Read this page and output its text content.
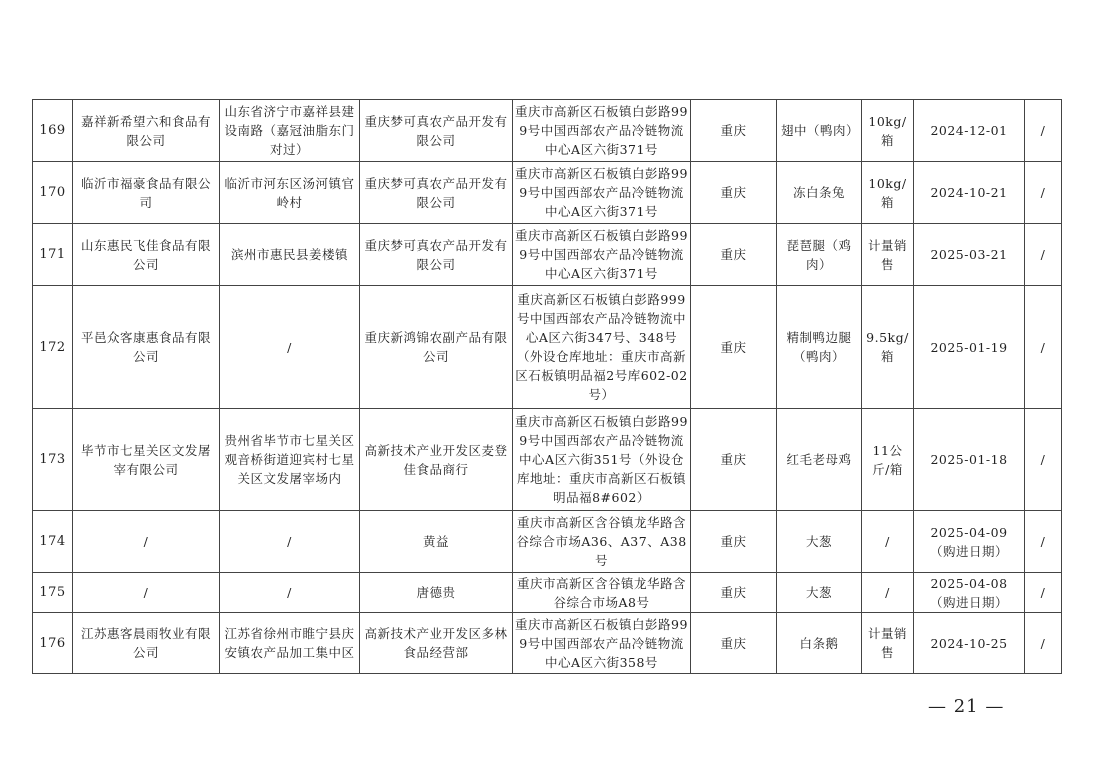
169	嘉祥新希望六和食品有限公司	山东省济宁市嘉祥县建设南路（嘉冠油脂东门对过）	重庆梦可真农产品开发有限公司	重庆市高新区石板镇白彭路999号中国西部农产品冷链物流中心A区六街371号	重庆	翅中（鸭肉）	10kg/箱	2024-12-01	/
170	临沂市福豪食品有限公司	临沂市河东区汤河镇官岭村	重庆梦可真农产品开发有限公司	重庆市高新区石板镇白彭路999号中国西部农产品冷链物流中心A区六街371号	重庆	冻白条兔	10kg/箱	2024-10-21	/
171	山东惠民飞佳食品有限公司	滨州市惠民县姜楼镇	重庆梦可真农产品开发有限公司	重庆市高新区石板镇白彭路999号中国西部农产品冷链物流中心A区六街371号	重庆	琵琶腿（鸡肉）	计量销售	2025-03-21	/
172	平邑众客康惠食品有限公司	/	重庆新鸿锦农副产品有限公司	重庆高新区石板镇白彭路999号中国西部农产品冷链物流中心A区六街347号、348号（外设仓库地址：重庆市高新区石板镇明品福2号库602-02号）	重庆	精制鸭边腿（鸭肉）	9.5kg/箱	2025-01-19	/
173	毕节市七星关区文发屠宰有限公司	贵州省毕节市七星关区观音桥街道迎宾村七星关区文发屠宰场内	高新技术产业开发区麦登佳食品商行	重庆市高新区石板镇白彭路999号中国西部农产品冷链物流中心A区六街351号（外设仓库地址：重庆市高新区石板镇明品福8#602）	重庆	红毛老母鸡	11公斤/箱	2025-01-18	/
174	/	/	黄益	重庆市高新区含谷镇龙华路含谷综合市场A36、A37、A38号	重庆	大葱	/	2025-04-09（购进日期）	/
175	/	/	唐德贵	重庆市高新区含谷镇龙华路含谷综合市场A8号	重庆	大葱	/	2025-04-08（购进日期）	/
176	江苏惠客晨雨牧业有限公司	江苏省徐州市睢宁县庆安镇农产品加工集中区	高新技术产业开发区多林食品经营部	重庆市高新区石板镇白彭路999号中国西部农产品冷链物流中心A区六街358号	重庆	白条鹅	计量销售	2024-10-25	/
— 21 —
